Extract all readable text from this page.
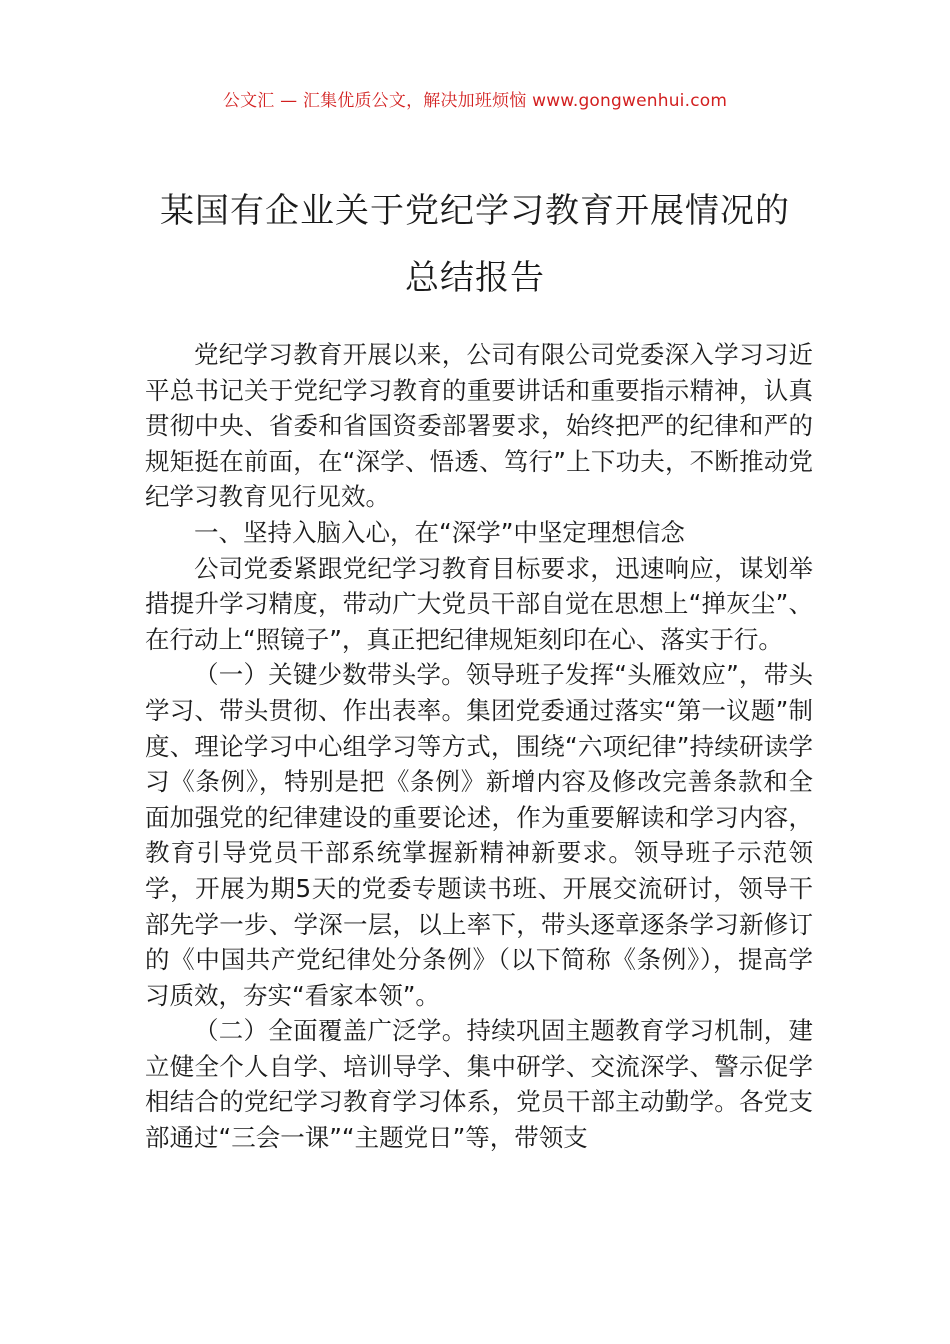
公文汇 — 汇集优质公文，解决加班烦恼 www.gongwenhui.com
某国有企业关于党纪学习教育开展情况的
总结报告

党纪学习教育开展以来，公司有限公司党委深入学习习近平总书记关于党纪学习教育的重要讲话和重要指示精神，认真贯彻中央、省委和省国资委部署要求，始终把严的纪律和严的规矩挺在前面，在“深学、悟透、笃行”上下功夫，不断推动党纪学习教育见行见效。

一、坚持入脑入心，在“深学”中坚定理想信念

公司党委紧跟党纪学习教育目标要求，迅速响应，谋划举措提升学习精度，带动广大党员干部自觉在思想上“掸灰尘”、在行动上“照镜子”，真正把纪律规矩刻印在心、落实于行。

（一）关键少数带头学。领导班子发挥“头雁效应”，带头学习、带头贯彻、作出表率。集团党委通过落实“第一议题”制度、理论学习中心组学习等方式，围绕“六项纪律”持续研读学习《条例》，特别是把《条例》新增内容及修改完善条款和全面加强党的纪律建设的重要论述，作为重要解读和学习内容，教育引导党员干部系统掌握新精神新要求。领导班子示范领学，开展为期5天的党委专题读书班、开展交流研讨，领导干部先学一步、学深一层，以上率下，带头逐章逐条学习新修订的《中国共产党纪律处分条例》（以下简称《条例》），提高学习质效，夯实“看家本领”。

（二）全面覆盖广泛学。持续巩固主题教育学习机制，建立健全个人自学、培训导学、集中研学、交流深学、警示促学相结合的党纪学习教育学习体系，党员干部主动勤学。各党支部通过“三会一课”“主题党日”等，带领支
